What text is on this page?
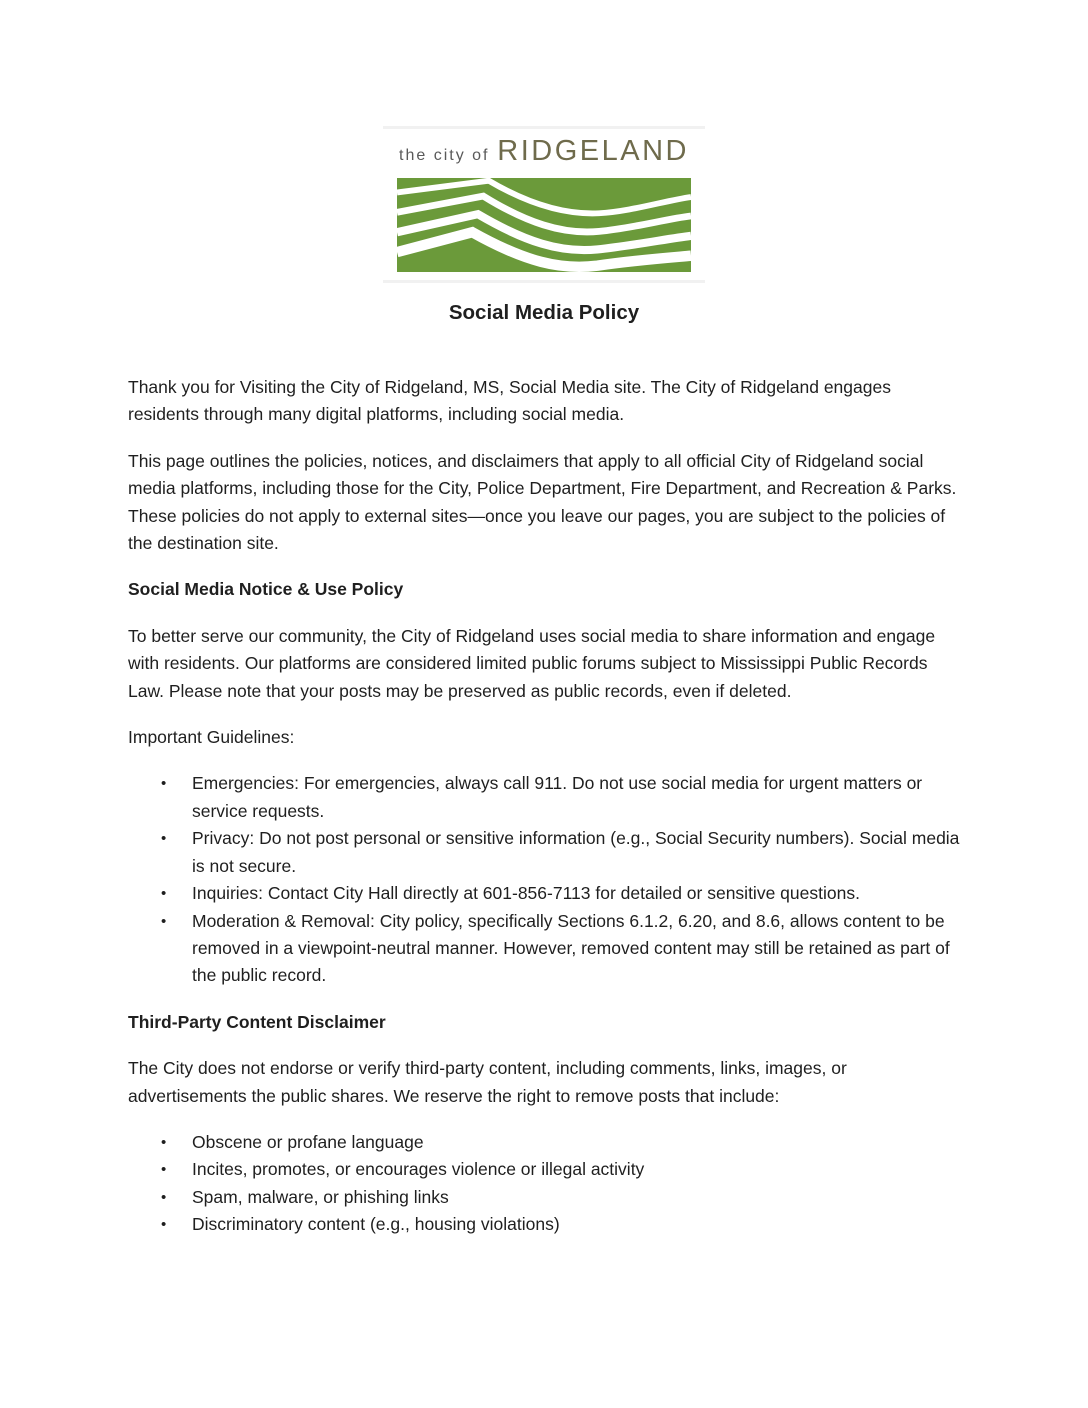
the city of RIDGELAND
Social Media Policy

Thank you for Visiting the City of Ridgeland, MS, Social Media site. The City of Ridgeland engages residents through many digital platforms, including social media.

This page outlines the policies, notices, and disclaimers that apply to all official City of Ridgeland social media platforms, including those for the City, Police Department, Fire Department, and Recreation & Parks. These policies do not apply to external sites—once you leave our pages, you are subject to the policies of the destination site.

Social Media Notice & Use Policy

To better serve our community, the City of Ridgeland uses social media to share information and engage with residents. Our platforms are considered limited public forums subject to Mississippi Public Records Law. Please note that your posts may be preserved as public records, even if deleted.

Important Guidelines:

• Emergencies: For emergencies, always call 911. Do not use social media for urgent matters or service requests.
• Privacy: Do not post personal or sensitive information (e.g., Social Security numbers). Social media is not secure.
• Inquiries: Contact City Hall directly at 601-856-7113 for detailed or sensitive questions.
• Moderation & Removal: City policy, specifically Sections 6.1.2, 6.20, and 8.6, allows content to be removed in a viewpoint-neutral manner. However, removed content may still be retained as part of the public record.
Third-Party Content Disclaimer

The City does not endorse or verify third-party content, including comments, links, images, or advertisements the public shares. We reserve the right to remove posts that include:

• Obscene or profane language
• Incites, promotes, or encourages violence or illegal activity
• Spam, malware, or phishing links
• Discriminatory content (e.g., housing violations)
